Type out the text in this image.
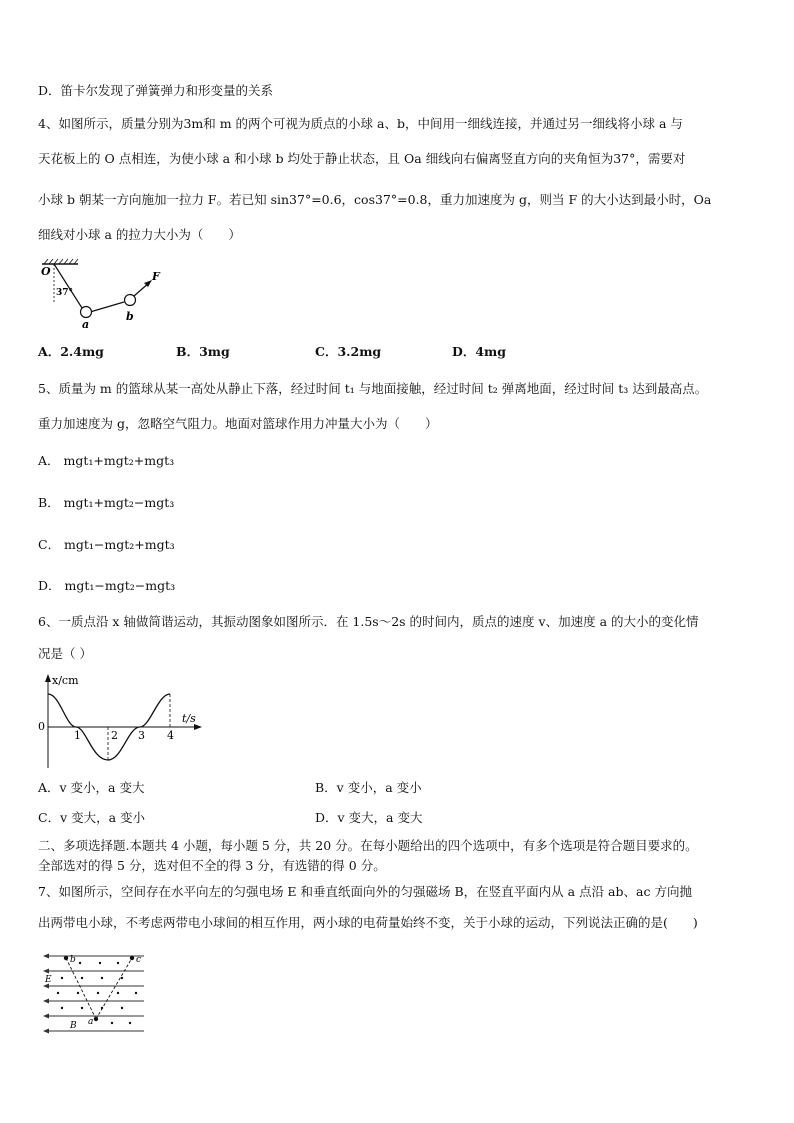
D．笛卡尔发现了弹簧弹力和形变量的关系
4、如图所示，质量分别为3m和 m 的两个可视为质点的小球 a、b，中间用一细线连接，并通过另一细线将小球 a 与
天花板上的 O 点相连，为使小球 a 和小球 b 均处于静止状态，且 Oa 细线向右偏离竖直方向的夹角恒为37°，需要对
小球 b 朝某一方向施加一拉力 F。若已知 sin37°=0.6，cos37°=0.8，重力加速度为 g，则当 F 的大小达到最小时，Oa
细线对小球 a 的拉力大小为（　　）
O
37°
a
b
F
A．2.4mg	B．3mg	C．3.2mg	D．4mg
5、质量为 m 的篮球从某一高处从静止下落，经过时间 t₁ 与地面接触，经过时间 t₂ 弹离地面，经过时间 t₃ 达到最高点。
重力加速度为 g，忽略空气阻力。地面对篮球作用力冲量大小为（　　）
A． mgt₁+mgt₂+mgt₃
B． mgt₁+mgt₂−mgt₃
C． mgt₁−mgt₂+mgt₃
D． mgt₁−mgt₂−mgt₃
6、一质点沿 x 轴做简谐运动，其振动图象如图所示．在 1.5s～2s 的时间内，质点的速度 v、加速度 a 的大小的变化情
况是（ ）
x/cm
t/s
0
1	2 3 4
A．v 变小，a 变大	B．v 变小，a 变小
C．v 变大，a 变小	D．v 变大，a 变大
二、多项选择题.本题共 4 小题，每小题 5 分，共 20 分。在每小题给出的四个选项中，有多个选项是符合题目要求的。
全部选对的得 5 分，选对但不全的得 3 分，有选错的得 0 分。
7、如图所示，空间存在水平向左的匀强电场 E 和垂直纸面向外的匀强磁场 B，在竖直平面内从 a 点沿 ab、ac 方向抛
出两带电小球，不考虑两带电小球间的相互作用，两小球的电荷量始终不变，关于小球的运动，下列说法正确的是(　　)
b	c
E
B a
